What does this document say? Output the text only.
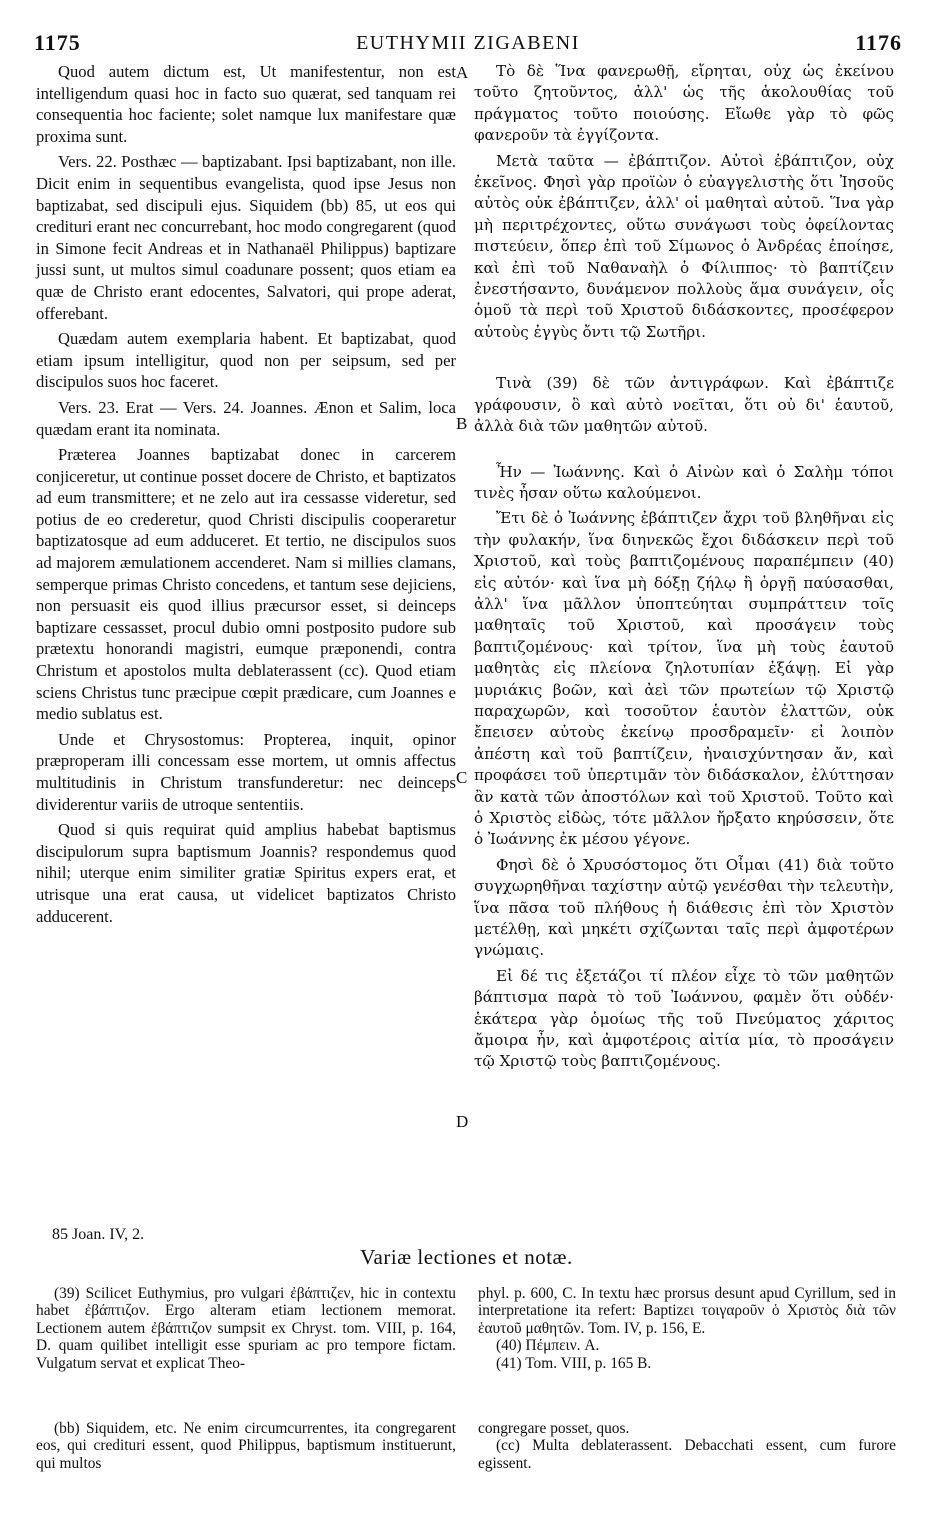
1175	EUTHYMII ZIGABENI	1176

Quod autem dictum est, Ut manifestentur, non est intelligendum quasi hoc in facto suo quærat, sed tanquam rei consequentia hoc faciente; solet namque lux manifestare quæ proxima sunt.

Vers. 22. Posthæc — baptizabant. Ipsi baptizabant, non ille. Dicit enim in sequentibus evangelista, quod ipse Jesus non baptizabat, sed discipuli ejus. Siquidem (bb) 85, ut eos qui credituri erant nec concurrebant, hoc modo congregarent (quod in Simone fecit Andreas et in Nathanaël Philippus) baptizare jussi sunt, ut multos simul coadunare possent; quos etiam ea quæ de Christo erant edocentes, Salvatori, qui prope aderat, offerebant.

Quædam autem exemplaria habent. Et baptizabat, quod etiam ipsum intelligitur, quod non per seipsum, sed per discipulos suos hoc faceret.

Vers. 23. Erat — Vers. 24. Joannes. Ænon et Salim, loca quædam erant ita nominata.

Præterea Joannes baptizabat donec in carcerem conjiceretur, ut continue posset docere de Christo, et baptizatos ad eum transmittere; et ne zelo aut ira cessasse videretur, sed potius de eo crederetur, quod Christi discipulis cooperaretur baptizatosque ad eum adduceret. Et tertio, ne discipulos suos ad majorem æmulationem accenderet. Nam si millies clamans, semperque primas Christo concedens, et tantum sese dejiciens, non persuasit eis quod illius præcursor esset, si deinceps baptizare cessasset, procul dubio omni postposito pudore sub prætextu honorandi magistri, eumque præponendi, contra Christum et apostolos multa deblaterassent (cc). Quod etiam sciens Christus tunc præcipue cœpit prædicare, cum Joannes e medio sublatus est.

Unde et Chrysostomus: Propterea, inquit, opinor præproperam illi concessam esse mortem, ut omnis affectus multitudinis in Christum transfunderetur: nec deinceps dividerentur variis de utroque sententiis.

Quod si quis requirat quid amplius habebat baptismus discipulorum supra baptismum Joannis? respondemus quod nihil; uterque enim similiter gratiæ Spiritus expers erat, et utrisque una erat causa, ut videlicet baptizatos Christo adducerent.

A
B
C
D

Τὸ δὲ Ἵνα φανερωθῇ, εἴρηται, οὐχ ὡς ἐκείνου τοῦτο ζητοῦντος, ἀλλ' ὡς τῆς ἀκολουθίας τοῦ πράγματος τοῦτο ποιούσης. Εἴωθε γὰρ τὸ φῶς φανεροῦν τὰ ἐγγίζοντα.

Μετὰ ταῦτα — ἐβάπτιζον. Αὐτοὶ ἐβάπτιζον, οὐχ ἐκεῖνος. Φησὶ γὰρ προϊὼν ὁ εὐαγγελιστὴς ὅτι Ἰησοῦς αὐτὸς οὐκ ἐβάπτιζεν, ἀλλ' οἱ μαθηταὶ αὐτοῦ. Ἵνα γὰρ μὴ περιτρέχοντες, οὕτω συνάγωσι τοὺς ὀφείλοντας πιστεύειν, ὅπερ ἐπὶ τοῦ Σίμωνος ὁ Ἀνδρέας ἐποίησε, καὶ ἐπὶ τοῦ Ναθαναὴλ ὁ Φίλιππος· τὸ βαπτίζειν ἐνεστήσαντο, δυνάμενον πολλοὺς ἅμα συνάγειν, οἷς ὁμοῦ τὰ περὶ τοῦ Χριστοῦ διδάσκοντες, προσέφερον αὐτοὺς ἐγγὺς ὄντι τῷ Σωτῆρι.

Τινὰ (39) δὲ τῶν ἀντιγράφων. Καὶ ἐβάπτιζε γράφουσιν, ὃ καὶ αὐτὸ νοεῖται, ὅτι οὐ δι' ἑαυτοῦ, ἀλλὰ διὰ τῶν μαθητῶν αὐτοῦ.

Ἦν — Ἰωάννης. Καὶ ὁ Αἰνὼν καὶ ὁ Σαλὴμ τόποι τινὲς ἦσαν οὕτω καλούμενοι.

Ἔτι δὲ ὁ Ἰωάννης ἐβάπτιζεν ἄχρι τοῦ βληθῆναι εἰς τὴν φυλακήν, ἵνα διηνεκῶς ἔχοι διδάσκειν περὶ τοῦ Χριστοῦ, καὶ τοὺς βαπτιζομένους παραπέμπειν (40) εἰς αὐτόν· καὶ ἵνα μὴ δόξῃ ζήλῳ ἢ ὀργῇ παύσασθαι, ἀλλ' ἵνα μᾶλλον ὑποπτεύηται συμπράττειν τοῖς μαθηταῖς τοῦ Χριστοῦ, καὶ προσάγειν τοὺς βαπτιζομένους· καὶ τρίτον, ἵνα μὴ τοὺς ἑαυτοῦ μαθητὰς εἰς πλείονα ζηλοτυπίαν ἐξάψῃ. Εἰ γὰρ μυριάκις βοῶν, καὶ ἀεὶ τῶν πρωτείων τῷ Χριστῷ παραχωρῶν, καὶ τοσοῦτον ἑαυτὸν ἐλαττῶν, οὐκ ἔπεισεν αὐτοὺς ἐκείνῳ προσδραμεῖν· εἰ λοιπὸν ἀπέστη καὶ τοῦ βαπτίζειν, ἠναισχύντησαν ἄν, καὶ προφάσει τοῦ ὑπερτιμᾶν τὸν διδάσκαλον, ἐλύττησαν ἂν κατὰ τῶν ἀποστόλων καὶ τοῦ Χριστοῦ. Τοῦτο καὶ ὁ Χριστὸς εἰδὼς, τότε μᾶλλον ἤρξατο κηρύσσειν, ὅτε ὁ Ἰωάννης ἐκ μέσου γέγονε.

Φησὶ δὲ ὁ Χρυσόστομος ὅτι Οἶμαι (41) διὰ τοῦτο συγχωρηθῆναι ταχίστην αὐτῷ γενέσθαι τὴν τελευτὴν, ἵνα πᾶσα τοῦ πλήθους ἡ διάθεσις ἐπὶ τὸν Χριστὸν μετέλθῃ, καὶ μηκέτι σχίζωνται ταῖς περὶ ἀμφοτέρων γνώμαις.

Εἰ δέ τις ἐξετάζοι τί πλέον εἶχε τὸ τῶν μαθητῶν βάπτισμα παρὰ τὸ τοῦ Ἰωάννου, φαμὲν ὅτι οὐδέν· ἑκάτερα γὰρ ὁμοίως τῆς τοῦ Πνεύματος χάριτος ἄμοιρα ἦν, καὶ ἀμφοτέροις αἰτία μία, τὸ προσάγειν τῷ Χριστῷ τοὺς βαπτιζομένους.

85 Joan. IV, 2.
Variæ lectiones et notæ.

(39) Scilicet Euthymius, pro vulgari ἐβάπτιζεν, hic in contextu habet ἐβάπτιζον. Ergo alteram etiam lectionem memorat. Lectionem autem ἐβάπτιζον sumpsit ex Chryst. tom. VIII, p. 164, D. quam quilibet intelligit esse spuriam ac pro tempore fictam. Vulgatum servat et explicat Theo-

phyl. p. 600, C. In textu hæc prorsus desunt apud Cyrillum, sed in interpretatione ita refert: Baptizει τοιγαροῦν ὁ Χριστὸς διὰ τῶν ἑαυτοῦ μαθητῶν. Tom. IV, p. 156, E.

(40) Πέμπειν. A.

(41) Tom. VIII, p. 165 B.

(bb) Siquidem, etc. Ne enim circumcurrentes, ita congregarent eos, qui credituri essent, quod Philippus, baptismum instituerunt, qui multos

congregare posset, quos.

(cc) Multa deblaterassent. Debacchati essent, cum furore egissent.
